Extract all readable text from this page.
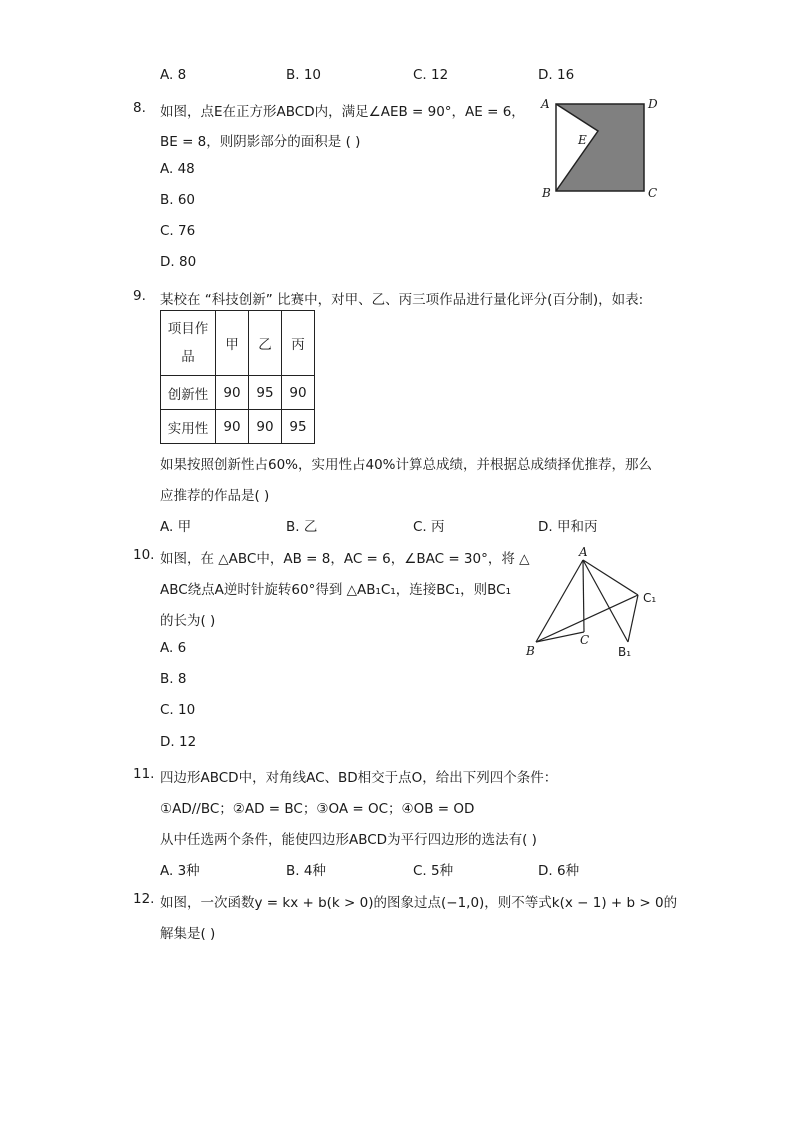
A. 8	B. 10	C. 12	D. 16
8. 如图，点E在正方形ABCD内，满足∠AEB = 90°，AE = 6，
BE = 8，则阴影部分的面积是 ( )
A. 48
B. 60
C. 76
D. 80
A	D
E
B	C
9. 某校在 “科技创新” 比赛中，对甲、乙、丙三项作品进行量化评分(百分制)，如表:
项目作
品	甲	乙	丙
创新性	90	95	90
实用性	90	90	95
如果按照创新性占60%，实用性占40%计算总成绩，并根据总成绩择优推荐，那么
应推荐的作品是( )
A. 甲	B. 乙	C. 丙	D. 甲和丙
10. 如图，在 △ABC中，AB = 8，AC = 6，∠BAC = 30°，将 △
ABC绕点A逆时针旋转60°得到 △AB₁C₁，连接BC₁，则BC₁
的长为( )
A. 6
B. 8
C. 10
D. 12
A
B
C
C₁
B₁
11. 四边形ABCD中，对角线AC、BD相交于点O，给出下列四个条件：
①AD//BC；②AD = BC；③OA = OC；④OB = OD
从中任选两个条件，能使四边形ABCD为平行四边形的选法有( )
A. 3种	B. 4种	C. 5种	D. 6种
12. 如图，一次函数y = kx + b(k > 0)的图象过点(−1,0)，则不等式k(x − 1) + b > 0的
解集是( )
